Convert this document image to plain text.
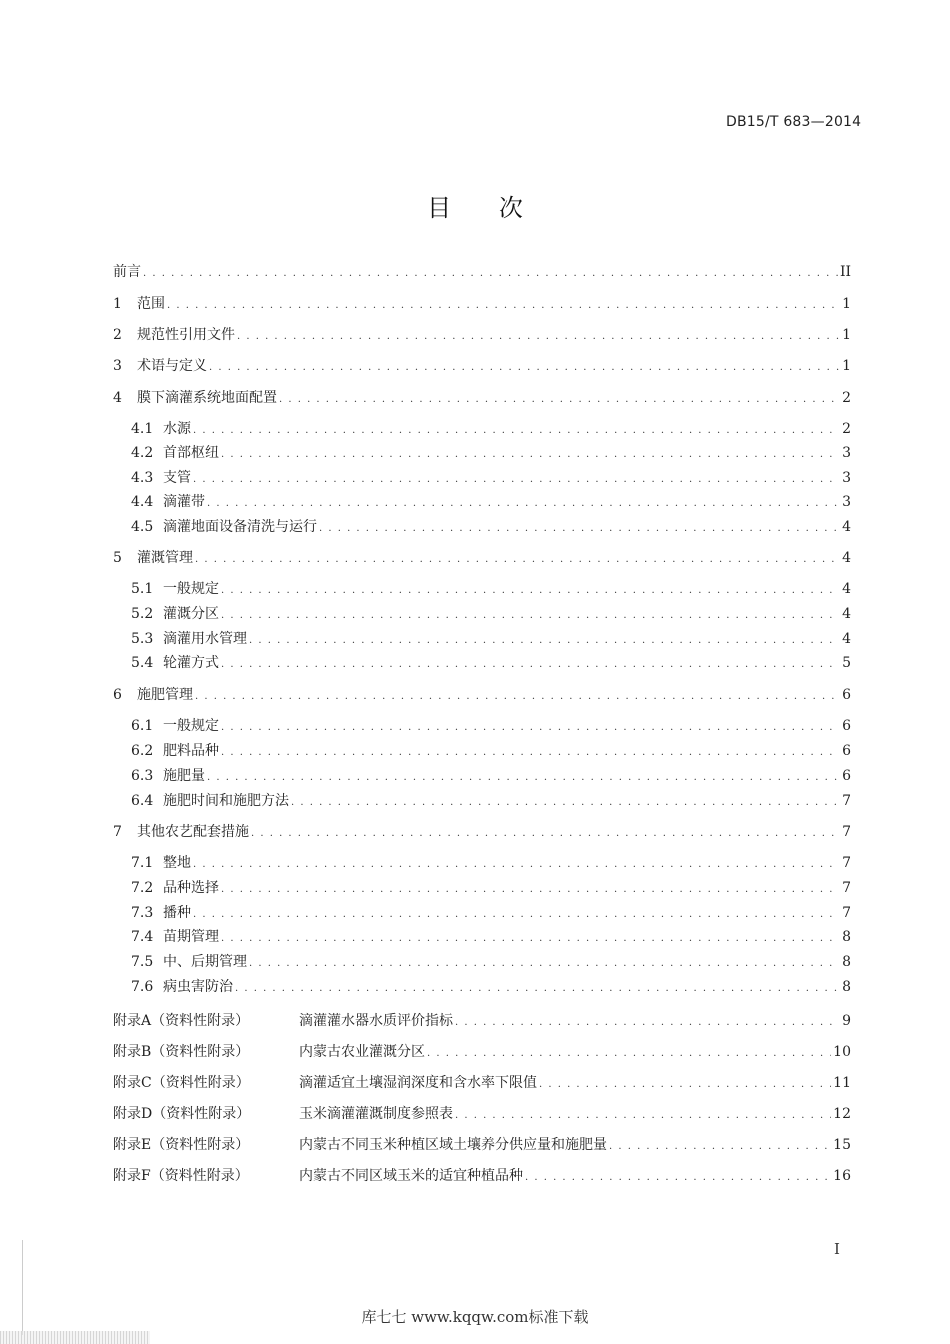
DB15/T 683—2014
目 次
前言 . . .	II
1	范围 . . .	1
2	规范性引用文件 . . .	1
3	术语与定义 . . .	1
4	膜下滴灌系统地面配置 . . .	2
4.1 水源 . . .	2
4.2 首部枢纽 . . .	3
4.3 支管 . . .	3
4.4 滴灌带 . . .	3
4.5 滴灌地面设备清洗与运行 . . .	4
5	灌溉管理 . . .	4
5.1 一般规定 . . .	4
5.2 灌溉分区 . . .	4
5.3 滴灌用水管理 . . .	4
5.4 轮灌方式 . . .	5
6	施肥管理 . . .	6
6.1 一般规定 . . .	6
6.2 肥料品种 . . .	6
6.3 施肥量 . . .	6
6.4 施肥时间和施肥方法 . . .	7
7	其他农艺配套措施 . . .	7
7.1 整地 . . .	7
7.2 品种选择 . . .	7
7.3 播种 . . .	7
7.4 苗期管理 . . .	8
7.5 中、后期管理 . . .	8
7.6 病虫害防治 . . .	8
附录A（资料性附录）	滴灌灌水器水质评价指标 . . .	9
附录B（资料性附录）	内蒙古农业灌溉分区 . . .	10
附录C（资料性附录）	滴灌适宜土壤湿润深度和含水率下限值 . . .	11
附录D（资料性附录）	玉米滴灌灌溉制度参照表 . . .	12
附录E（资料性附录）	内蒙古不同玉米种植区域土壤养分供应量和施肥量 . . .	15
附录F（资料性附录）	内蒙古不同区域玉米的适宜种植品种 . . .	16
I
库七七 www.kqqw.com标准下载
